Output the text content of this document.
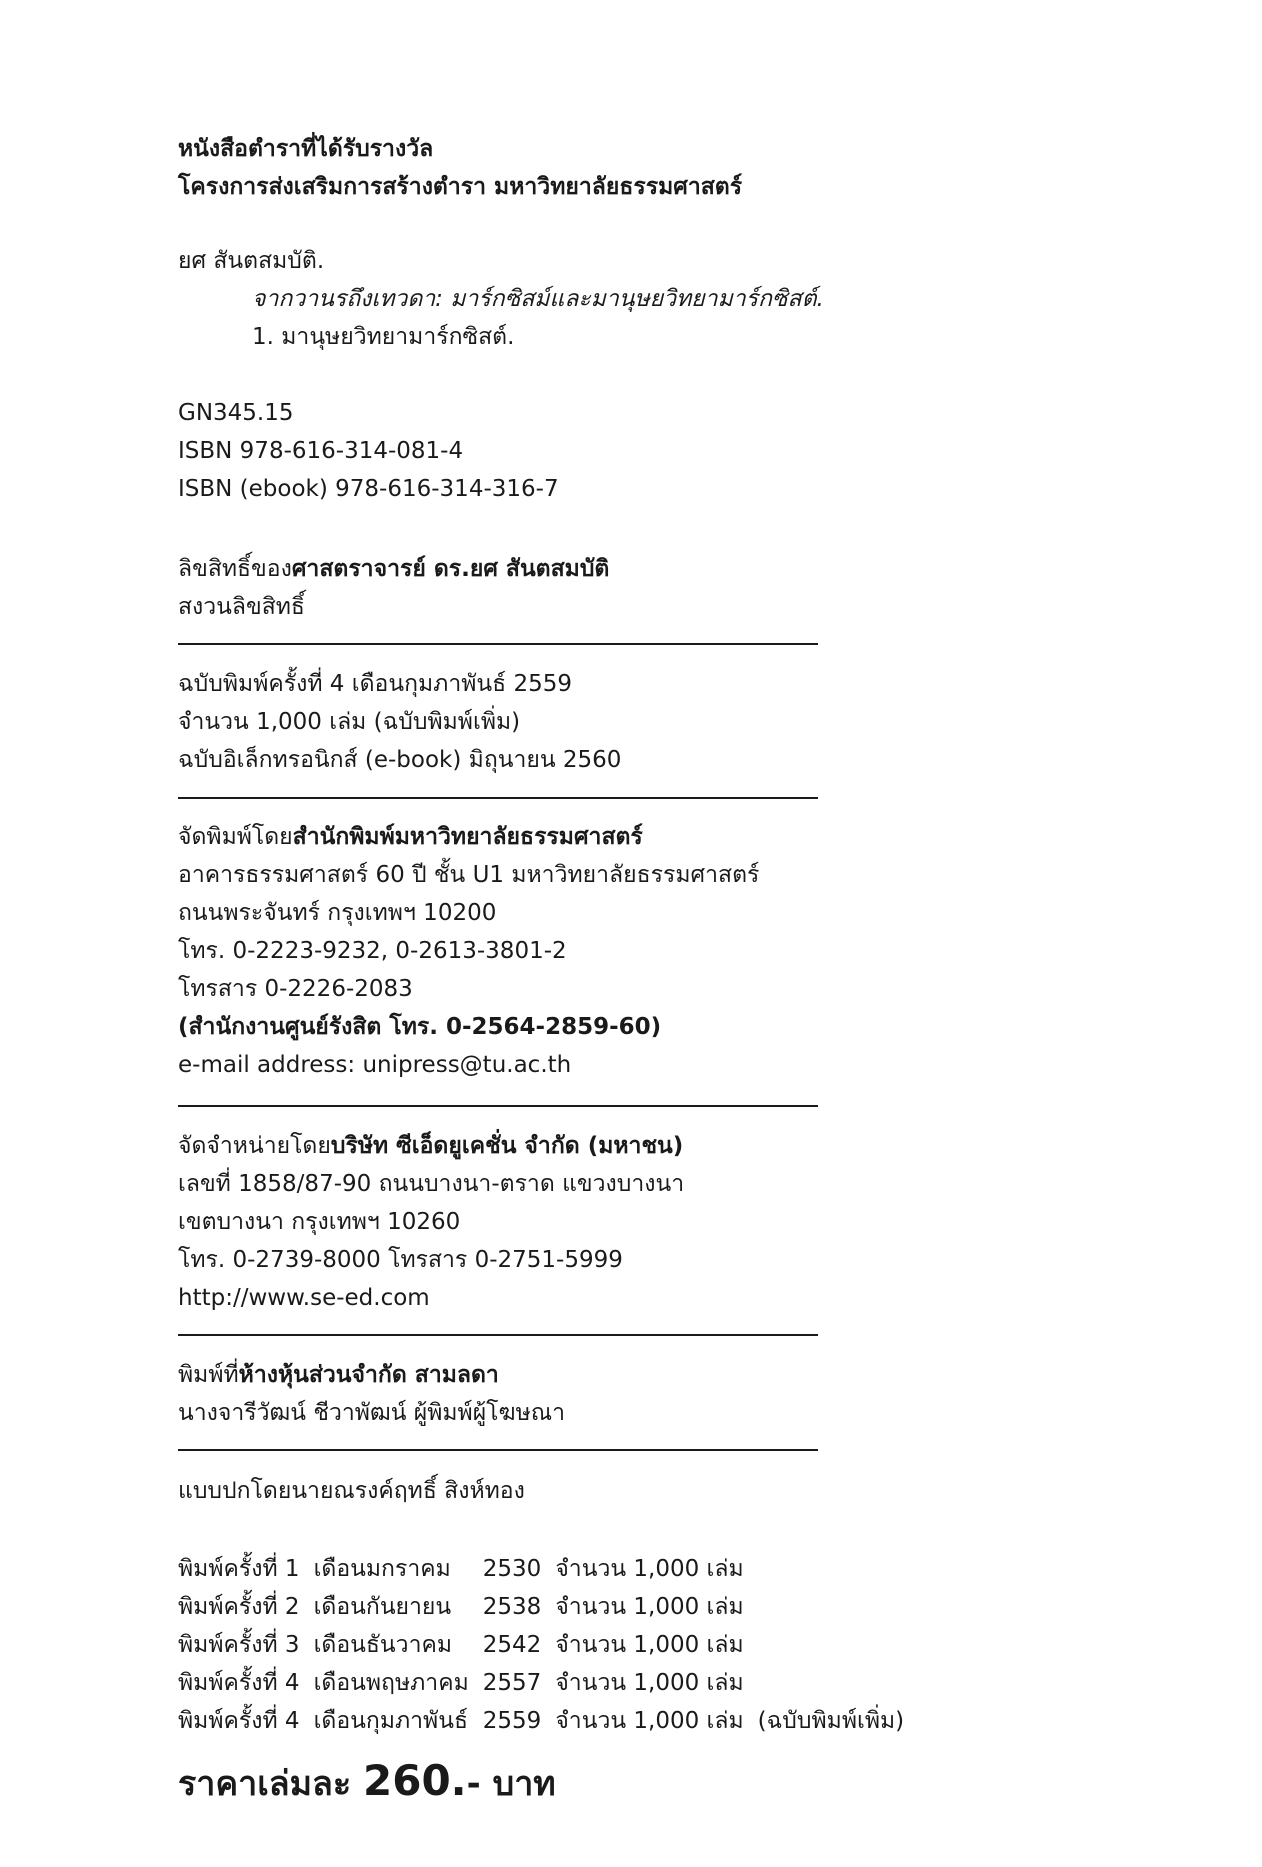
หนังสือตำราที่ได้รับรางวัล
โครงการส่งเสริมการสร้างตำรา มหาวิทยาลัยธรรมศาสตร์
ยศ สันตสมบัติ.
จากวานรถึงเทวดา: มาร์กซิสม์และมานุษยวิทยามาร์กซิสต์.
1. มานุษยวิทยามาร์กซิสต์.
GN345.15
ISBN 978-616-314-081-4
ISBN (ebook) 978-616-314-316-7
ลิขสิทธิ์ของศาสตราจารย์ ดร.ยศ สันตสมบัติ
สงวนลิขสิทธิ์
ฉบับพิมพ์ครั้งที่ 4 เดือนกุมภาพันธ์ 2559
จำนวน 1,000 เล่ม (ฉบับพิมพ์เพิ่ม)
ฉบับอิเล็กทรอนิกส์ (e-book) มิถุนายน 2560
จัดพิมพ์โดยสำนักพิมพ์มหาวิทยาลัยธรรมศาสตร์
อาคารธรรมศาสตร์ 60 ปี ชั้น U1 มหาวิทยาลัยธรรมศาสตร์
ถนนพระจันทร์ กรุงเทพฯ 10200
โทร. 0-2223-9232, 0-2613-3801-2
โทรสาร 0-2226-2083
(สำนักงานศูนย์รังสิต โทร. 0-2564-2859-60)
e-mail address: unipress@tu.ac.th
จัดจำหน่ายโดยบริษัท ซีเอ็ดยูเคชั่น จำกัด (มหาชน)
เลขที่ 1858/87-90 ถนนบางนา-ตราด แขวงบางนา
เขตบางนา กรุงเทพฯ 10260
โทร. 0-2739-8000 โทรสาร 0-2751-5999
http://www.se-ed.com
พิมพ์ที่ห้างหุ้นส่วนจำกัด สามลดา
นางจารีวัฒน์ ชีวาพัฒน์ ผู้พิมพ์ผู้โฆษณา
แบบปกโดยนายณรงค์ฤทธิ์ สิงห์ทอง
พิมพ์ครั้งที่ 1	เดือนมกราคม	2530	จำนวน 1,000 เล่ม	
พิมพ์ครั้งที่ 2	เดือนกันยายน	2538	จำนวน 1,000 เล่ม	
พิมพ์ครั้งที่ 3	เดือนธันวาคม	2542	จำนวน 1,000 เล่ม	
พิมพ์ครั้งที่ 4	เดือนพฤษภาคม	2557	จำนวน 1,000 เล่ม	
พิมพ์ครั้งที่ 4	เดือนกุมภาพันธ์	2559	จำนวน 1,000 เล่ม	(ฉบับพิมพ์เพิ่ม)
ราคาเล่มละ 260.- บาท
